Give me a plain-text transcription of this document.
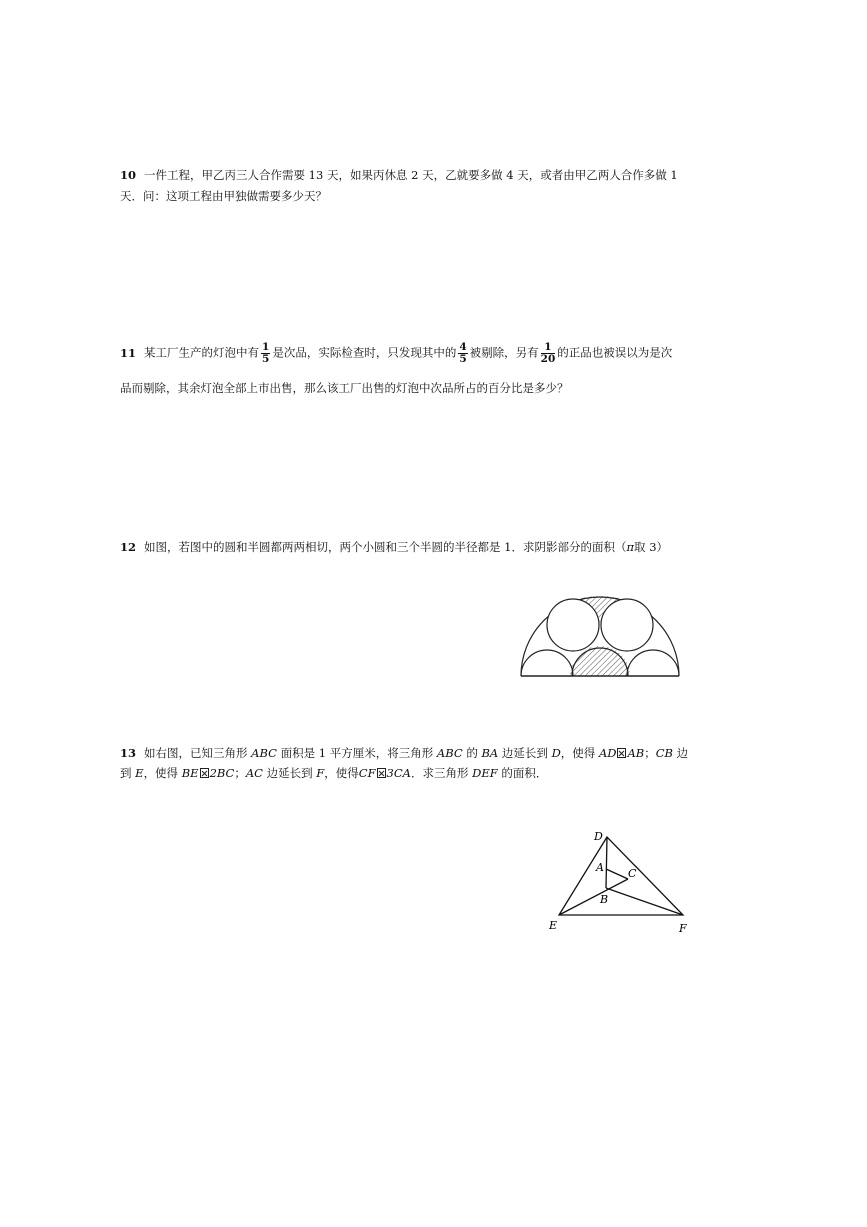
10 一件工程，甲乙丙三人合作需要 13 天，如果丙休息 2 天，乙就要多做 4 天，或者由甲乙两人合作多做 1
天．问：这项工程由甲独做需要多少天？
11 某工厂生产的灯泡中有 $\frac{1}{5}$ 是次品，实际检查时，只发现其中的 $\frac{4}{5}$ 被剔除，另有 $\frac{1}{20}$ 的正品也被误以为是次
品而剔除，其余灯泡全部上市出售，那么该工厂出售的灯泡中次品所占的百分比是多少？
12 如图，若图中的圆和半圆都两两相切，两个小圆和三个半圆的半径都是 1．求阴影部分的面积（π取 3）
13 如右图，已知三角形 ABC 面积是 1 平方厘米，将三角形 ABC 的 BA 边延长到 D，使得 AD AB；CB 边
到 E，使得 BE 2BC；AC 边延长到 F，使得CF 3CA．求三角形 DEF 的面积．
D
A C
B
E	F
